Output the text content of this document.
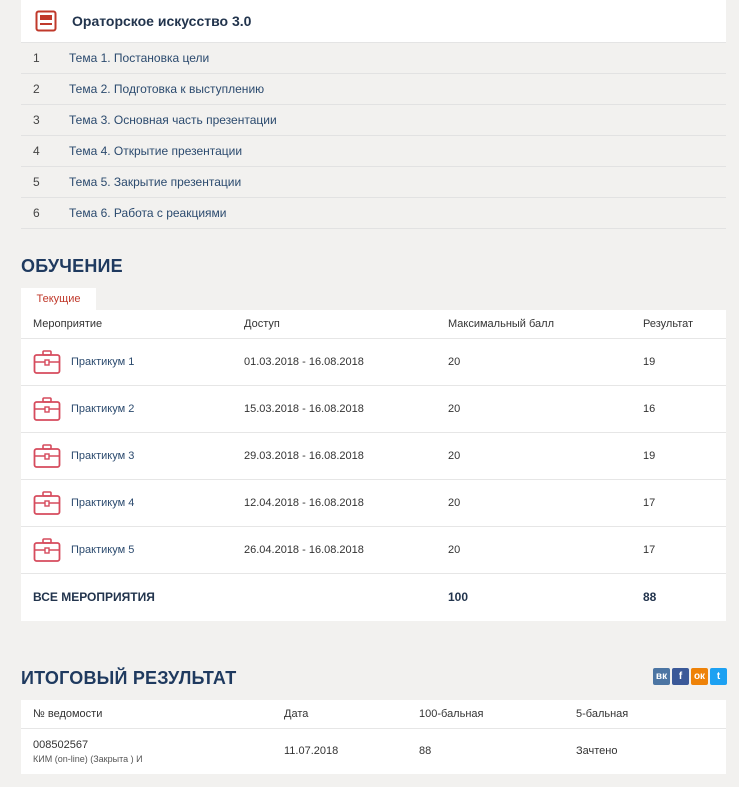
Ораторское искусство 3.0
1	Тема 1. Постановка цели
2	Тема 2. Подготовка к выступлению
3	Тема 3. Основная часть презентации
4	Тема 4. Открытие презентации
5	Тема 5. Закрытие презентации
6	Тема 6. Работа с реакциями
ОБУЧЕНИЕ
Текущие
Мероприятие	Доступ	Максимальный балл	Результат

Практикум 1	01.03.2018 - 16.08.2018	20	19

Практикум 2	15.03.2018 - 16.08.2018	20	16

Практикум 3	29.03.2018 - 16.08.2018	20	19

Практикум 4	12.04.2018 - 16.08.2018	20	17

Практикум 5	26.04.2018 - 16.08.2018	20	17
ВСЕ МЕРОПРИЯТИЯ		100	88
ИТОГОВЫЙ РЕЗУЛЬТАТ	вк	f	ок	t
№ ведомости	Дата	100-бальная	5-бальная

008502567
КИМ (on-line) (Закрыта ) И	11.07.2018	88	Зачтено
